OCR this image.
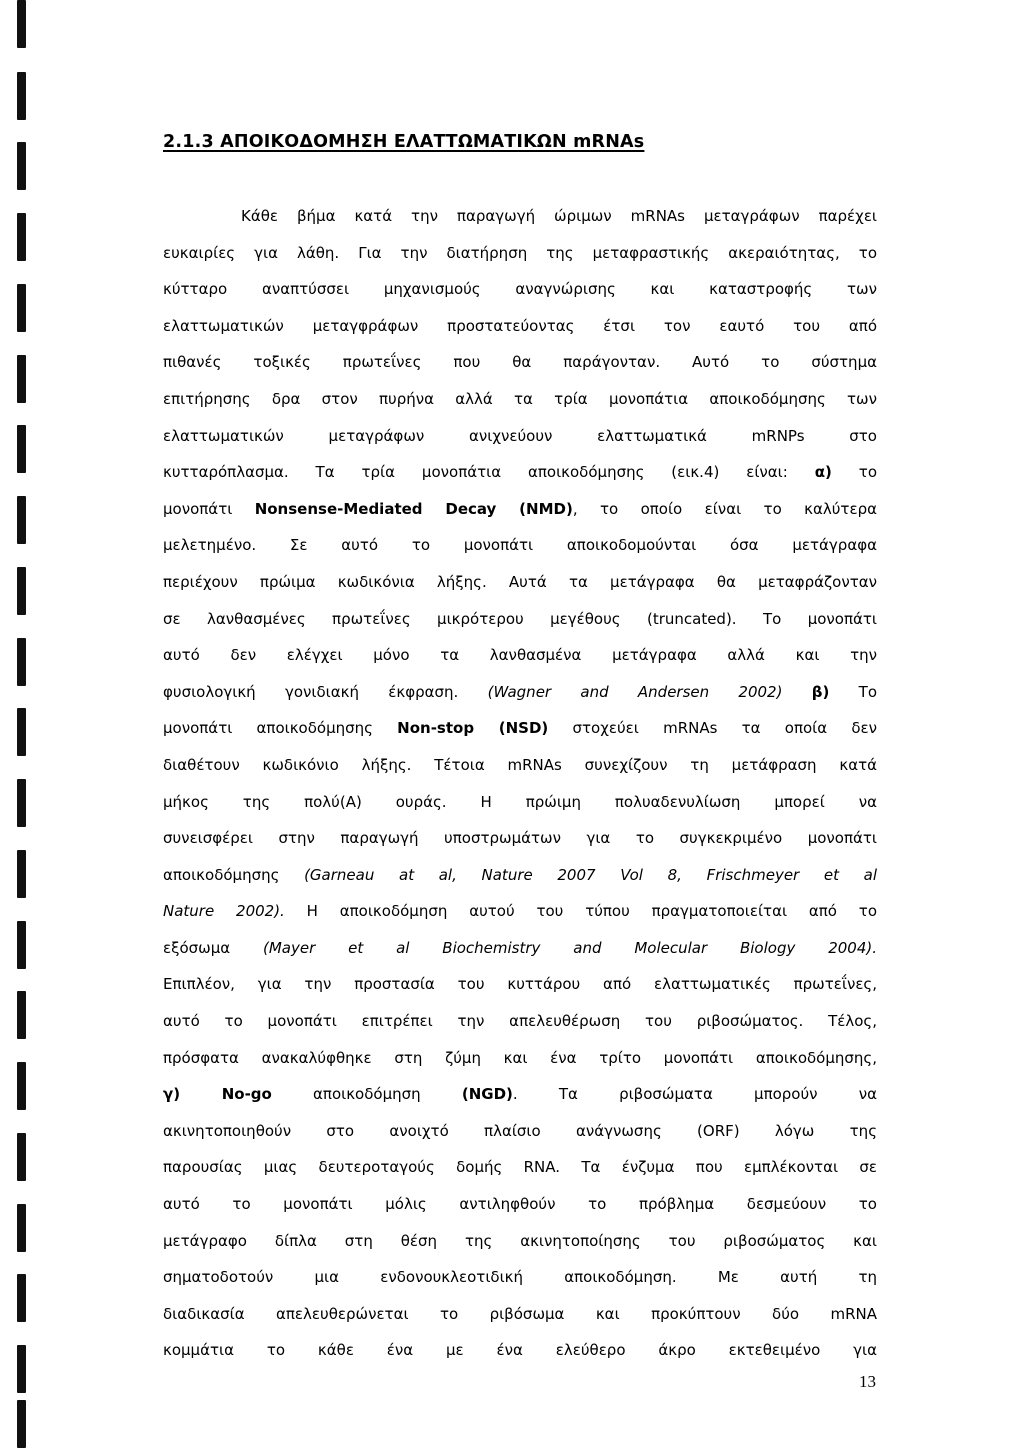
2.1.3 ΑΠΟΙΚΟΔΟΜΗΣΗ ΕΛΑΤΤΩΜΑΤΙΚΩΝ mRNAs
Κάθε βήμα κατά την παραγωγή ώριμων mRNAs μεταγράφων παρέχει
ευκαιρίες για λάθη. Για την διατήρηση της μεταφραστικής ακεραιότητας, το
κύτταρο αναπτύσσει μηχανισμούς αναγνώρισης και καταστροφής των
ελαττωματικών μεταγφράφων προστατεύοντας έτσι τον εαυτό του από
πιθανές τοξικές πρωτεΐνες που θα παράγονταν. Αυτό το σύστημα
επιτήρησης δρα στον πυρήνα αλλά τα τρία μονοπάτια αποικοδόμησης των
ελαττωματικών μεταγράφων ανιχνεύουν ελαττωματικά mRNPs στο
κυτταρόπλασμα. Τα τρία μονοπάτια αποικοδόμησης (εικ.4) είναι: α) το
μονοπάτι Nonsense-Mediated Decay (NMD), το οποίο είναι το καλύτερα
μελετημένο. Σε αυτό το μονοπάτι αποικοδομούνται όσα μετάγραφα
περιέχουν πρώιμα κωδικόνια λήξης. Αυτά τα μετάγραφα θα μεταφράζονταν
σε λανθασμένες πρωτεΐνες μικρότερου μεγέθους (truncated). Το μονοπάτι
αυτό δεν ελέγχει μόνο τα λανθασμένα μετάγραφα αλλά και την
φυσιολογική γονιδιακή έκφραση. (Wagner and Andersen 2002) β) Το
μονοπάτι αποικοδόμησης Non-stop (NSD) στοχεύει mRNAs τα οποία δεν
διαθέτουν κωδικόνιο λήξης. Τέτοια mRNAs συνεχίζουν τη μετάφραση κατά
μήκος της πολύ(Α) ουράς. Η πρώιμη πολυαδενυλίωση μπορεί να
συνεισφέρει στην παραγωγή υποστρωμάτων για το συγκεκριμένο μονοπάτι
αποικοδόμησης (Garneau at al, Nature 2007 Vol 8, Frischmeyer et al
Nature 2002). Η αποικοδόμηση αυτού του τύπου πραγματοποιείται από το
εξόσωμα (Mayer et al Biochemistry and Molecular Biology 2004).
Επιπλέον, για την προστασία του κυττάρου από ελαττωματικές πρωτεΐνες,
αυτό το μονοπάτι επιτρέπει την απελευθέρωση του ριβοσώματος. Τέλος,
πρόσφατα ανακαλύφθηκε στη ζύμη και ένα τρίτο μονοπάτι αποικοδόμησης,
γ) No-go αποικοδόμηση (NGD). Τα ριβοσώματα μπορούν να
ακινητοποιηθούν στο ανοιχτό πλαίσιο ανάγνωσης (ORF) λόγω της
παρουσίας μιας δευτεροταγούς δομής RNA. Τα ένζυμα που εμπλέκονται σε
αυτό το μονοπάτι μόλις αντιληφθούν το πρόβλημα δεσμεύουν το
μετάγραφο δίπλα στη θέση της ακινητοποίησης του ριβοσώματος και
σηματοδοτούν μια ενδονουκλεοτιδική αποικοδόμηση. Με αυτή τη
διαδικασία απελευθερώνεται το ριβόσωμα και προκύπτουν δύο mRNA
κομμάτια το κάθε ένα με ένα ελεύθερο άκρο εκτεθειμένο για
13
